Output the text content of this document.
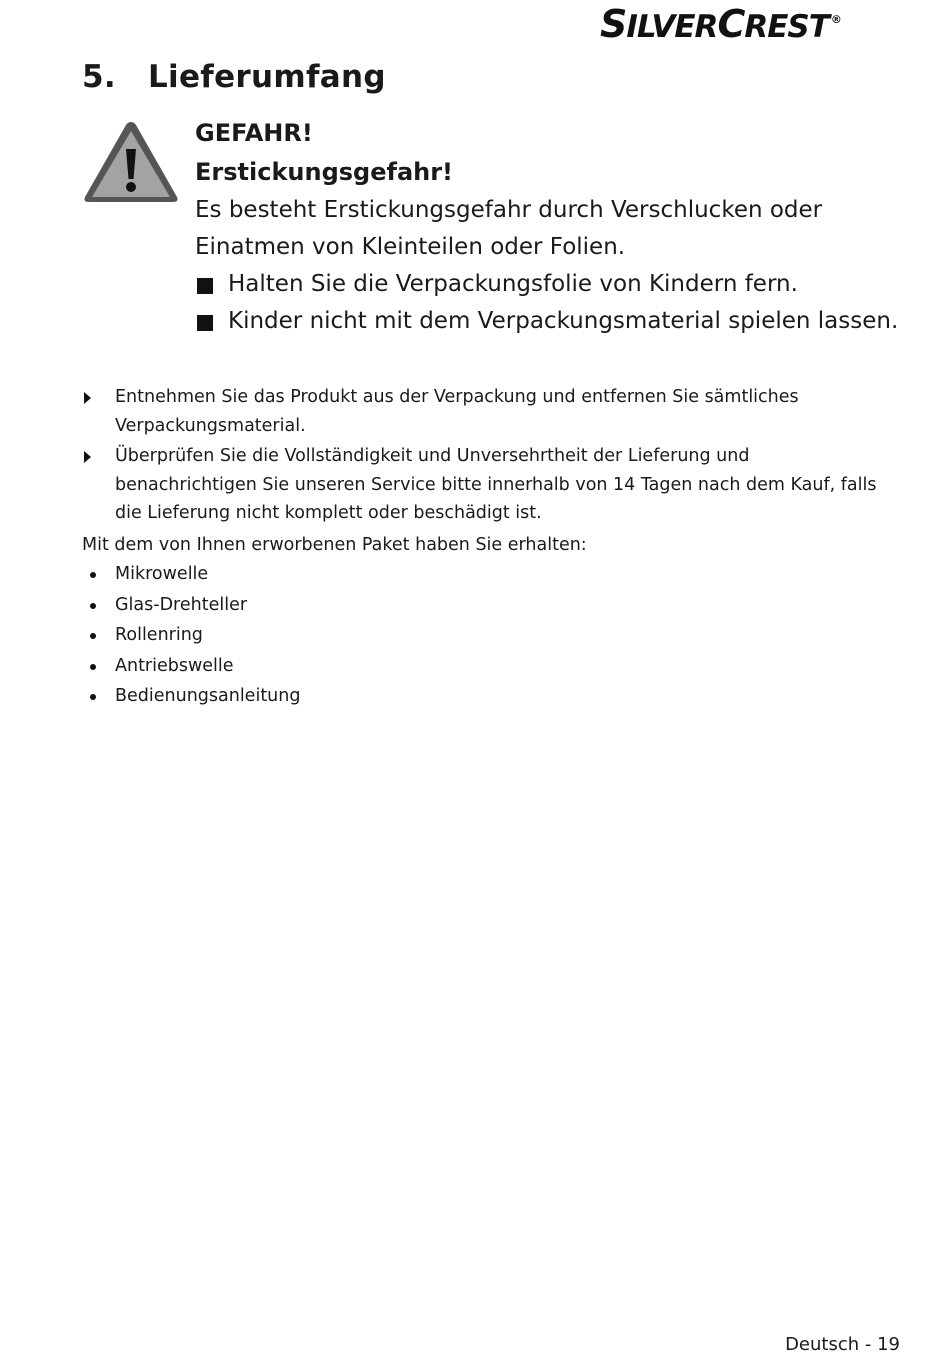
SILVERCREST ®
5. Lieferumfang
GEFAHR!
Erstickungsgefahr!

Es besteht Erstickungsgefahr durch Verschlucken oder Einatmen von Kleinteilen oder Folien.

Halten Sie die Verpackungsfolie von Kindern fern.
Kinder nicht mit dem Verpackungsmaterial spielen lassen.
Entnehmen Sie das Produkt aus der Verpackung und entfernen Sie sämtliches Verpackungsmaterial.
Überprüfen Sie die Vollständigkeit und Unversehrtheit der Lieferung und benachrichtigen Sie unseren Service bitte innerhalb von 14 Tagen nach dem Kauf, falls die Lieferung nicht komplett oder beschädigt ist.

Mit dem von Ihnen erworbenen Paket haben Sie erhalten:

Mikrowelle
Glas-Drehteller
Rollenring
Antriebswelle
Bedienungsanleitung
Deutsch - 19
